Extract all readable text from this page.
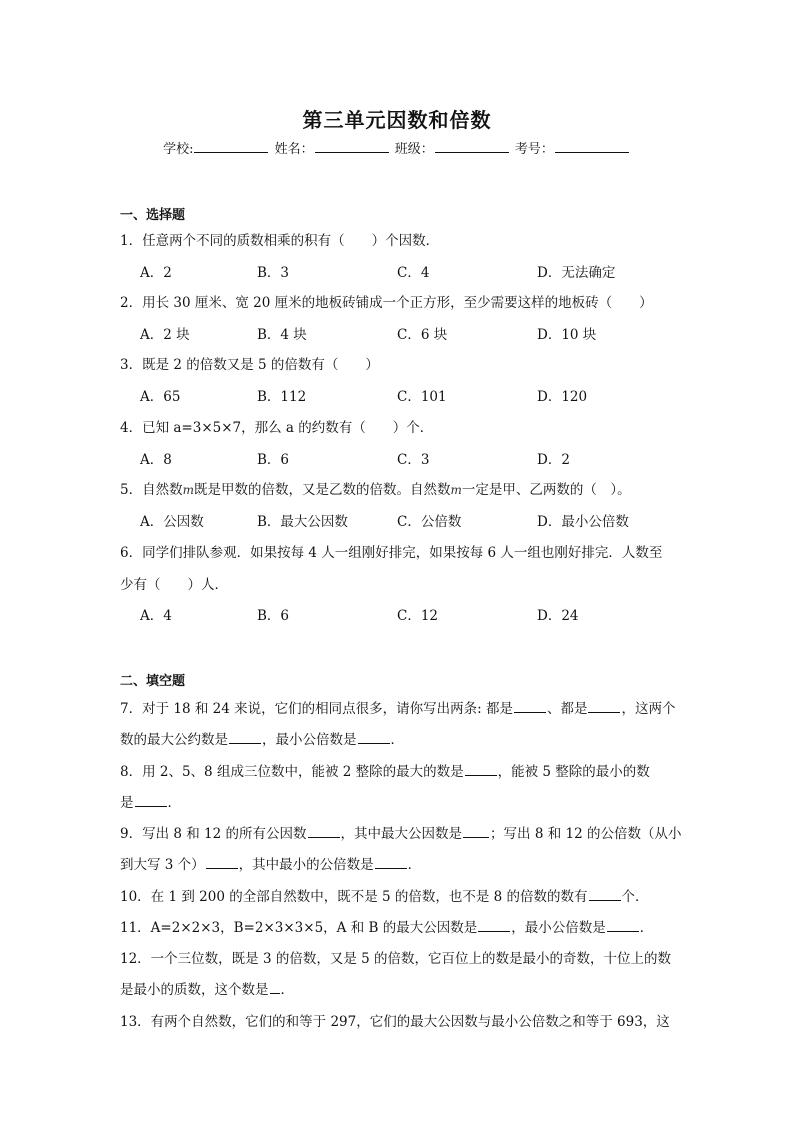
第三单元因数和倍数
学校:	姓名：	班级：	考号：
一、选择题
1．任意两个不同的质数相乘的积有（　　）个因数．
A．2	B．3	C．4	D．无法确定
2．用长 30 厘米、宽 20 厘米的地板砖铺成一个正方形，至少需要这样的地板砖（　　）
A．2 块	B．4 块	C．6 块	D．10 块
3．既是 2 的倍数又是 5 的倍数有（　　）
A．65	B．112	C．101	D．120
4．已知 a=3×5×7，那么 a 的约数有（　　）个．
A．8	B．6	C．3	D．2
5．自然数m既是甲数的倍数，又是乙数的倍数。自然数m一定是甲、乙两数的（　）。
A．公因数	B．最大公因数	C．公倍数	D．最小公倍数
6．同学们排队参观．如果按每 4 人一组刚好排完，如果按每 6 人一组也刚好排完．人数至
少有（　　）人．
A．4	B．6	C．12	D．24
二、填空题
7．对于 18 和 24 来说，它们的相同点很多，请你写出两条: 都是	、都是	，这两个
数的最大公约数是	，最小公倍数是	．
8．用 2、5、8 组成三位数中，能被 2 整除的最大的数是	，能被 5 整除的最小的数
是	．
9．写出 8 和 12 的所有公因数	，其中最大公因数是 ；写出 8 和 12 的公倍数（从小
到大写 3 个）	，其中最小的公倍数是	．
10．在 1 到 200 的全部自然数中，既不是 5 的倍数，也不是 8 的倍数的数有	个．
11．A=2×2×3，B=2×3×3×5，A 和 B 的最大公因数是	，最小公倍数是	．
12．一个三位数，既是 3 的倍数，又是 5 的倍数，它百位上的数是最小的奇数，十位上的数
是最小的质数，这个数是 ．
13．有两个自然数，它们的和等于 297，它们的最大公因数与最小公倍数之和等于 693，这
